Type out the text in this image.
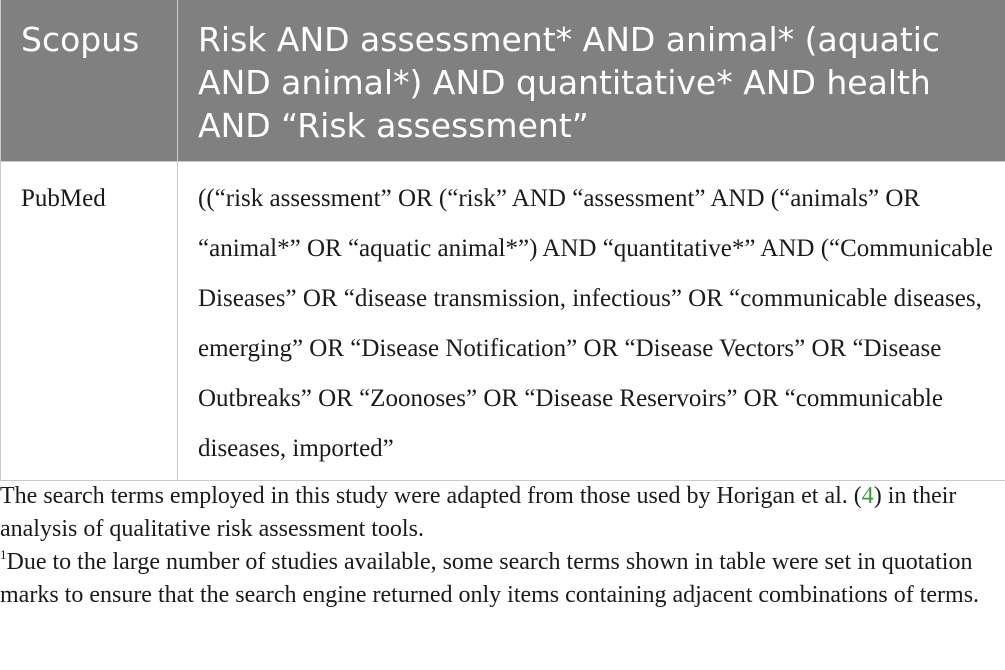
Scopus	Risk AND assessment* AND animal* (aquatic AND animal*) AND quantitative* AND health AND “Risk assessment”
PubMed	((“risk assessment” OR (“risk” AND “assessment” AND (“animals” OR “animal*” OR “aquatic animal*”) AND “quantitative*” AND (“Communicable Diseases” OR “disease transmission, infectious” OR “communicable diseases, emerging” OR “Disease Notification” OR “Disease Vectors” OR “Disease Outbreaks” OR “Zoonoses” OR “Disease Reservoirs” OR “communicable diseases, imported”

The search terms employed in this study were adapted from those used by Horigan et al. (4) in their analysis of qualitative risk assessment tools.

$^1$Due to the large number of studies available, some search terms shown in table were set in quotation marks to ensure that the search engine returned only items containing adjacent combinations of terms.
